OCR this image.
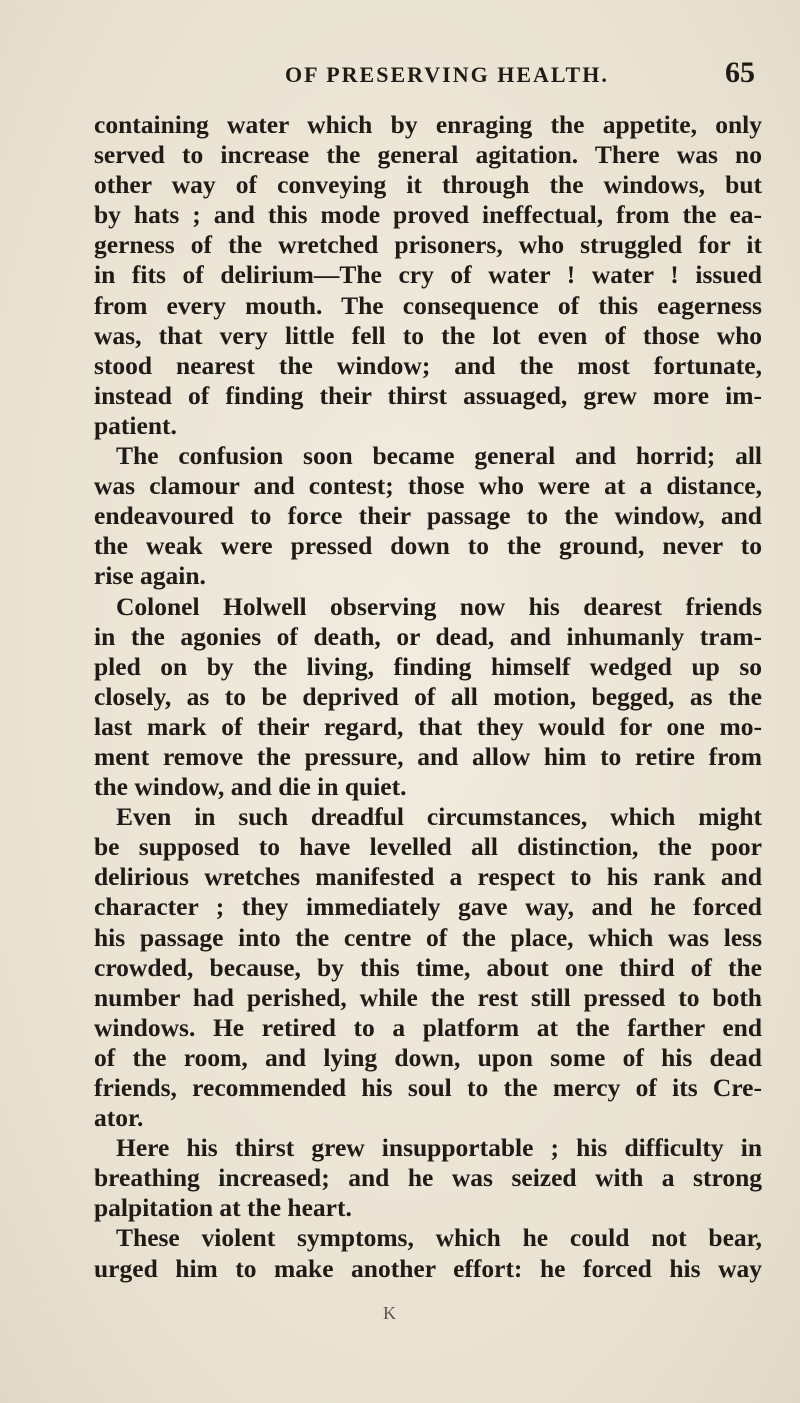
OF PRESERVING HEALTH.	65
containing water which by enraging the appetite, only
served to increase the general agitation. There was no
other way of conveying it through the windows, but
by hats ; and this mode proved ineffectual, from the ea-
gerness of the wretched prisoners, who struggled for it
in fits of delirium—The cry of water ! water ! issued
from every mouth. The consequence of this eagerness
was, that very little fell to the lot even of those who
stood nearest the window; and the most fortunate,
instead of finding their thirst assuaged, grew more im-
patient.
The confusion soon became general and horrid; all
was clamour and contest; those who were at a distance,
endeavoured to force their passage to the window, and
the weak were pressed down to the ground, never to
rise again.
Colonel Holwell observing now his dearest friends
in the agonies of death, or dead, and inhumanly tram-
pled on by the living, finding himself wedged up so
closely, as to be deprived of all motion, begged, as the
last mark of their regard, that they would for one mo-
ment remove the pressure, and allow him to retire from
the window, and die in quiet.
Even in such dreadful circumstances, which might
be supposed to have levelled all distinction, the poor
delirious wretches manifested a respect to his rank and
character ; they immediately gave way, and he forced
his passage into the centre of the place, which was less
crowded, because, by this time, about one third of the
number had perished, while the rest still pressed to both
windows. He retired to a platform at the farther end
of the room, and lying down, upon some of his dead
friends, recommended his soul to the mercy of its Cre-
ator.
Here his thirst grew insupportable ; his difficulty in
breathing increased; and he was seized with a strong
palpitation at the heart.
These violent symptoms, which he could not bear,
urged him to make another effort: he forced his way
K
